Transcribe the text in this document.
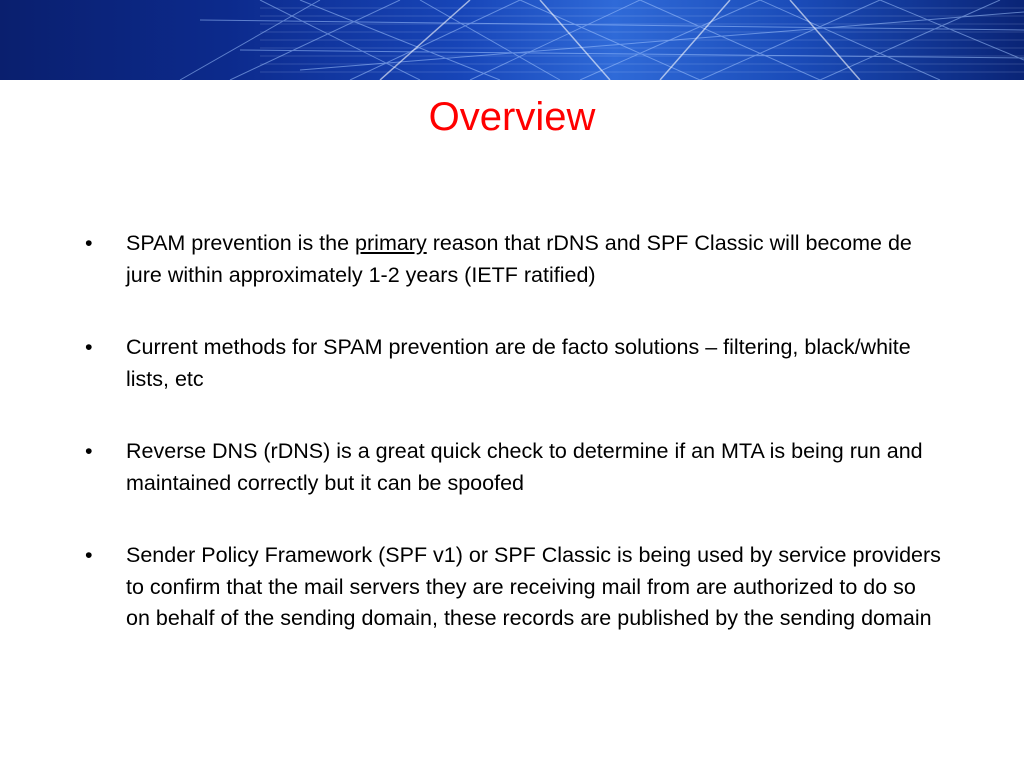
Overview
•	SPAM prevention is the primary reason that rDNS and SPF Classic will become de jure within approximately 1-2 years (IETF ratified)
•	Current methods for SPAM prevention are de facto solutions – filtering, black/white lists, etc
•	Reverse DNS (rDNS) is a great quick check to determine if an MTA is being run and maintained correctly but it can be spoofed
•	Sender Policy Framework (SPF v1) or SPF Classic is being used by service providers to confirm that the mail servers they are receiving mail from are authorized to do so on behalf of the sending domain, these records are published by the sending domain
